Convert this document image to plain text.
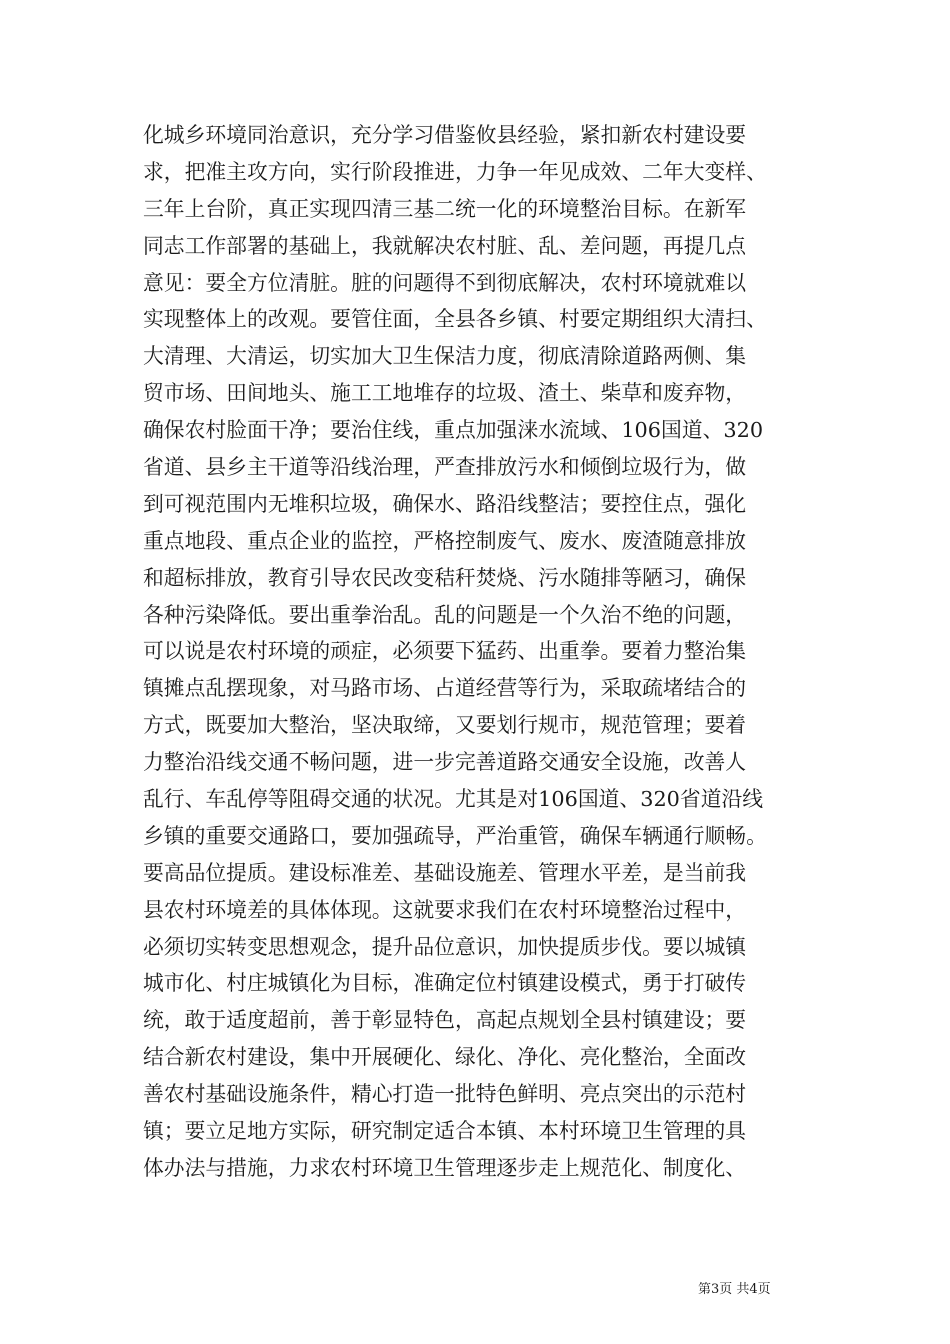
化城乡环境同治意识，充分学习借鉴攸县经验，紧扣新农村建设要
求，把准主攻方向，实行阶段推进，力争一年见成效、二年大变样、
三年上台阶，真正实现四清三基二统一化的环境整治目标。在新军
同志工作部署的基础上，我就解决农村脏、乱、差问题，再提几点
意见：要全方位清脏。脏的问题得不到彻底解决，农村环境就难以
实现整体上的改观。要管住面，全县各乡镇、村要定期组织大清扫、
大清理、大清运，切实加大卫生保洁力度，彻底清除道路两侧、集
贸市场、田间地头、施工工地堆存的垃圾、渣土、柴草和废弃物，
确保农村脸面干净；要治住线，重点加强涞水流域、106国道、320
省道、县乡主干道等沿线治理，严查排放污水和倾倒垃圾行为，做
到可视范围内无堆积垃圾，确保水、路沿线整洁；要控住点，强化
重点地段、重点企业的监控，严格控制废气、废水、废渣随意排放
和超标排放，教育引导农民改变秸秆焚烧、污水随排等陋习，确保
各种污染降低。要出重拳治乱。乱的问题是一个久治不绝的问题，
可以说是农村环境的顽症，必须要下猛药、出重拳。要着力整治集
镇摊点乱摆现象，对马路市场、占道经营等行为，采取疏堵结合的
方式，既要加大整治，坚决取缔，又要划行规市，规范管理；要着
力整治沿线交通不畅问题，进一步完善道路交通安全设施，改善人
乱行、车乱停等阻碍交通的状况。尤其是对106国道、320省道沿线
乡镇的重要交通路口，要加强疏导，严治重管，确保车辆通行顺畅。
要高品位提质。建设标准差、基础设施差、管理水平差，是当前我
县农村环境差的具体体现。这就要求我们在农村环境整治过程中，
必须切实转变思想观念，提升品位意识，加快提质步伐。要以城镇
城市化、村庄城镇化为目标，准确定位村镇建设模式，勇于打破传
统，敢于适度超前，善于彰显特色，高起点规划全县村镇建设；要
结合新农村建设，集中开展硬化、绿化、净化、亮化整治，全面改
善农村基础设施条件，精心打造一批特色鲜明、亮点突出的示范村
镇；要立足地方实际，研究制定适合本镇、本村环境卫生管理的具
体办法与措施，力求农村环境卫生管理逐步走上规范化、制度化、
第3页 共4页
